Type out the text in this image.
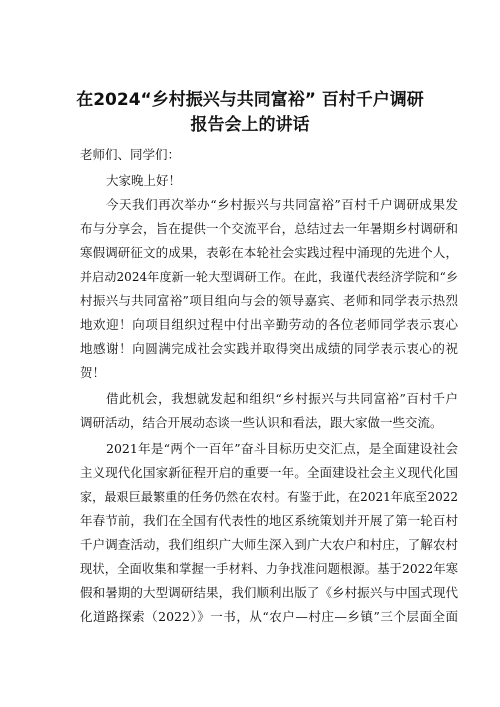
在2024“乡村振兴与共同富裕” 百村千户调研
报告会上的讲话

老师们、同学们：

大家晚上好！

今天我们再次举办“乡村振兴与共同富裕”百村千户调研成果发

布与分享会，旨在提供一个交流平台，总结过去一年暑期乡村调研和

寒假调研征文的成果，表彰在本轮社会实践过程中涌现的先进个人，

并启动2024年度新一轮大型调研工作。在此，我谨代表经济学院和“乡

村振兴与共同富裕”项目组向与会的领导嘉宾、老师和同学表示热烈

地欢迎！向项目组织过程中付出辛勤劳动的各位老师同学表示衷心

地感谢！向圆满完成社会实践并取得突出成绩的同学表示衷心的祝

贺！

借此机会，我想就发起和组织“乡村振兴与共同富裕”百村千户

调研活动，结合开展动态谈一些认识和看法，跟大家做一些交流。

2021年是“两个一百年”奋斗目标历史交汇点，是全面建设社会

主义现代化国家新征程开启的重要一年。全面建设社会主义现代化国

家，最艰巨最繁重的任务仍然在农村。有鉴于此，在2021年底至2022

年春节前，我们在全国有代表性的地区系统策划并开展了第一轮百村

千户调查活动，我们组织广大师生深入到广大农户和村庄，了解农村

现状，全面收集和掌握一手材料、力争找准问题根源。基于2022年寒

假和暑期的大型调研结果，我们顺利出版了《乡村振兴与中国式现代

化道路探索（2022）》一书，从“农户—村庄—乡镇”三个层面全面
